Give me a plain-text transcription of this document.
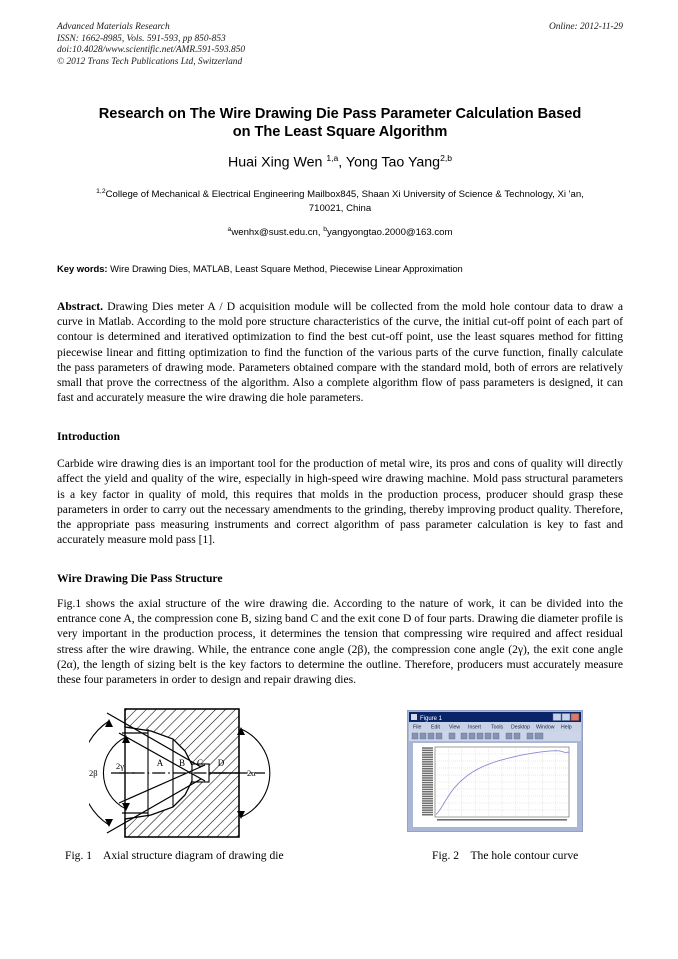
Advanced Materials Research
ISSN: 1662-8985, Vols. 591-593, pp 850-853
doi:10.4028/www.scientific.net/AMR.591-593.850
© 2012 Trans Tech Publications Ltd, Switzerland
Online: 2012-11-29
Research on The Wire Drawing Die Pass Parameter Calculation Based
on The Least Square Algorithm
Huai Xing Wen $^{1,a}$, Yong Tao Yang$^{2,b}$
$^{1,2}$College of Mechanical & Electrical Engineering Mailbox845, Shaan Xi University of Science & Technology, Xi 'an, 710021, China
$^a$wenhx@sust.edu.cn, $^b$yangyongtao.2000@163.com
Key words: Wire Drawing Dies, MATLAB, Least Square Method, Piecewise Linear Approximation
Abstract. Drawing Dies meter A / D acquisition module will be collected from the mold hole contour data to draw a curve in Matlab. According to the mold pore structure characteristics of the curve, the initial cut-off point of each part of contour is determined and iteratived optimization to find the best cut-off point, use the least squares method for fitting piecewise linear and fitting optimization to find the function of the various parts of the curve function, finally calculate the pass parameters of drawing mode. Parameters obtained compare with the standard mold, both of errors are relatively small that prove the correctness of the algorithm. Also a complete algorithm flow of pass parameters is designed, it can fast and accurately measure the wire drawing die hole parameters.
Introduction
Carbide wire drawing dies is an important tool for the production of metal wire, its pros and cons of quality will directly affect the yield and quality of the wire, especially in high-speed wire drawing machine. Mold pass structural parameters is a key factor in quality of mold, this requires that molds in the production process, producer should grasp these parameters in order to carry out the necessary amendments to the grinding, thereby improving product quality. Therefore, the appropriate pass measuring instruments and correct algorithm of pass parameter calculation is key to fast and accurately measure mold pass [1].
Wire Drawing Die Pass Structure
Fig.1 shows the axial structure of the wire drawing die. According to the nature of work, it can be divided into the entrance cone A, the compression cone B, sizing band C and the exit cone D of four parts. Drawing die diameter profile is very important in the production process, it determines the tension that compressing wire required and affect residual stress after the wire drawing. While, the entrance cone angle (2β), the compression cone angle (2γ), the exit cone angle (2α), the length of sizing belt is the key factors to determine the outline. Therefore, producers must accurately measure these four parameters in order to design and repair drawing dies.
A B C D
2β
2γ
2α
Figure 1
File Edit View Insert Tools Desktop Window Help
Fig. 1    Axial structure diagram of drawing die	Fig. 2    The hole contour curve
